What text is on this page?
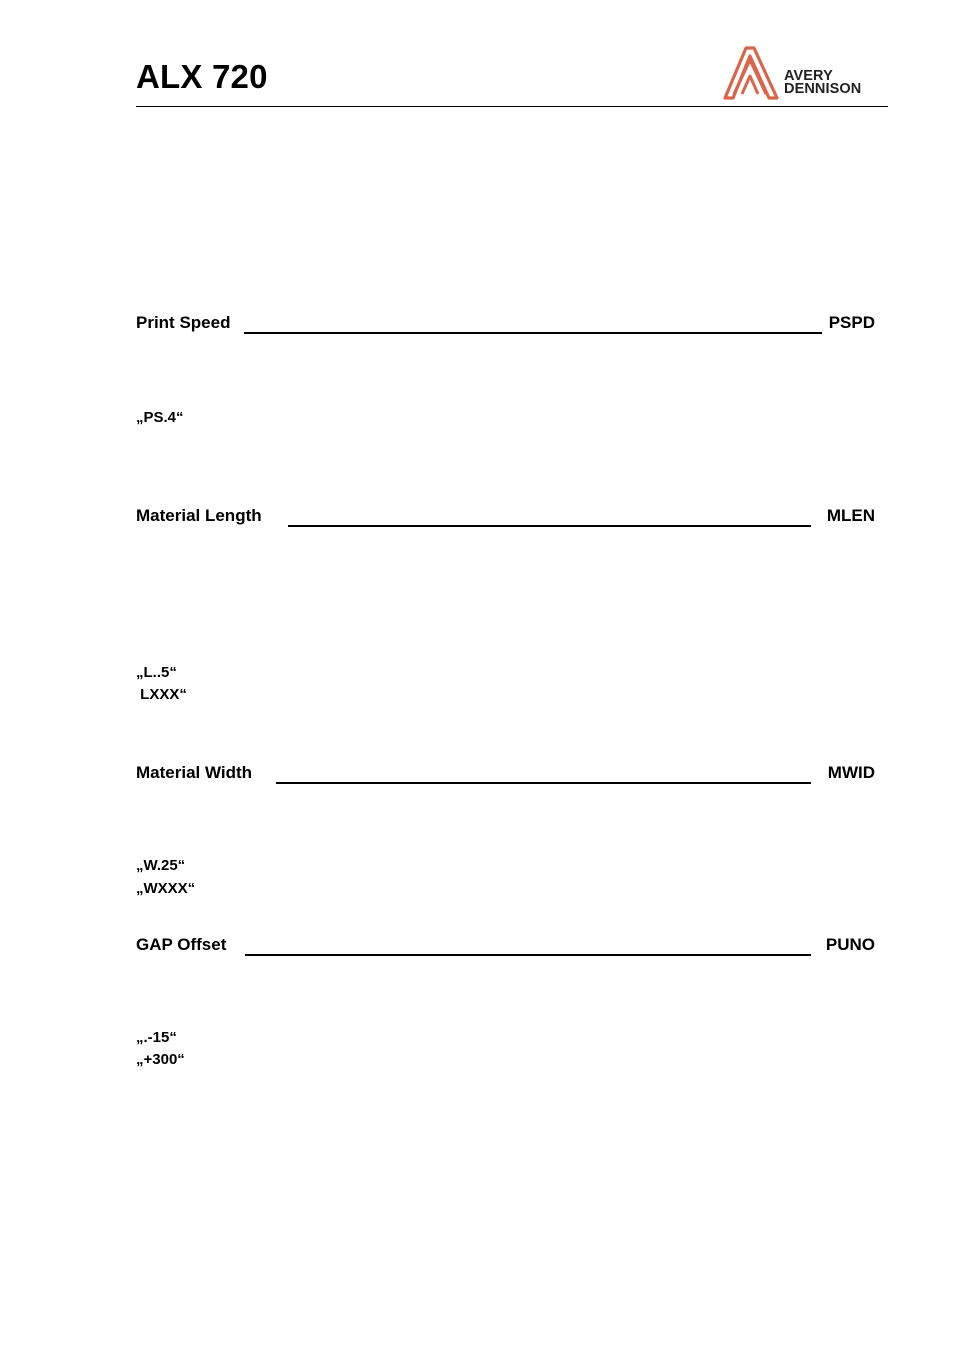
ALX 720	AVERY
DENNISON
Print Speed	PSPD
„PS.4“
Material Length	MLEN
„L..5“
LXXX“
Material Width	MWID
„W.25“
„WXXX“
GAP Offset	PUNO
„.-15“
„+300“
